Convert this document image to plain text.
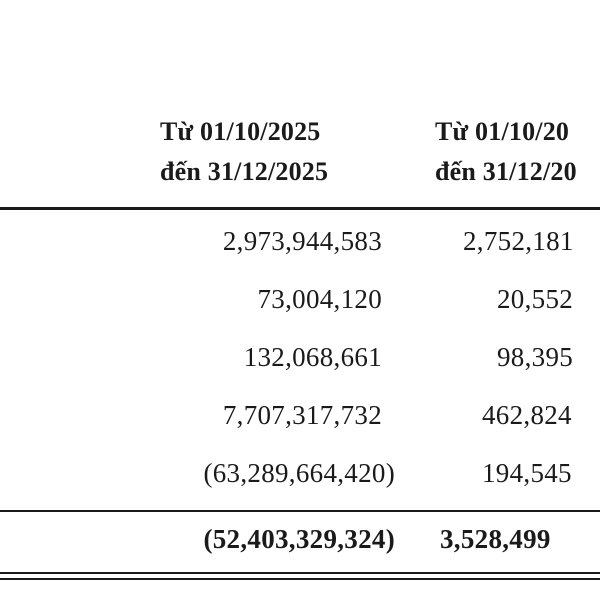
Từ 01/10/2025
đến 31/12/2025
Từ 01/10/20
đến 31/12/20
2,973,944,583	2,752,181
73,004,120	20,552
132,068,661	98,395
7,707,317,732	462,824
(63,289,664,420)	194,545
(52,403,329,324) 3,528,499
